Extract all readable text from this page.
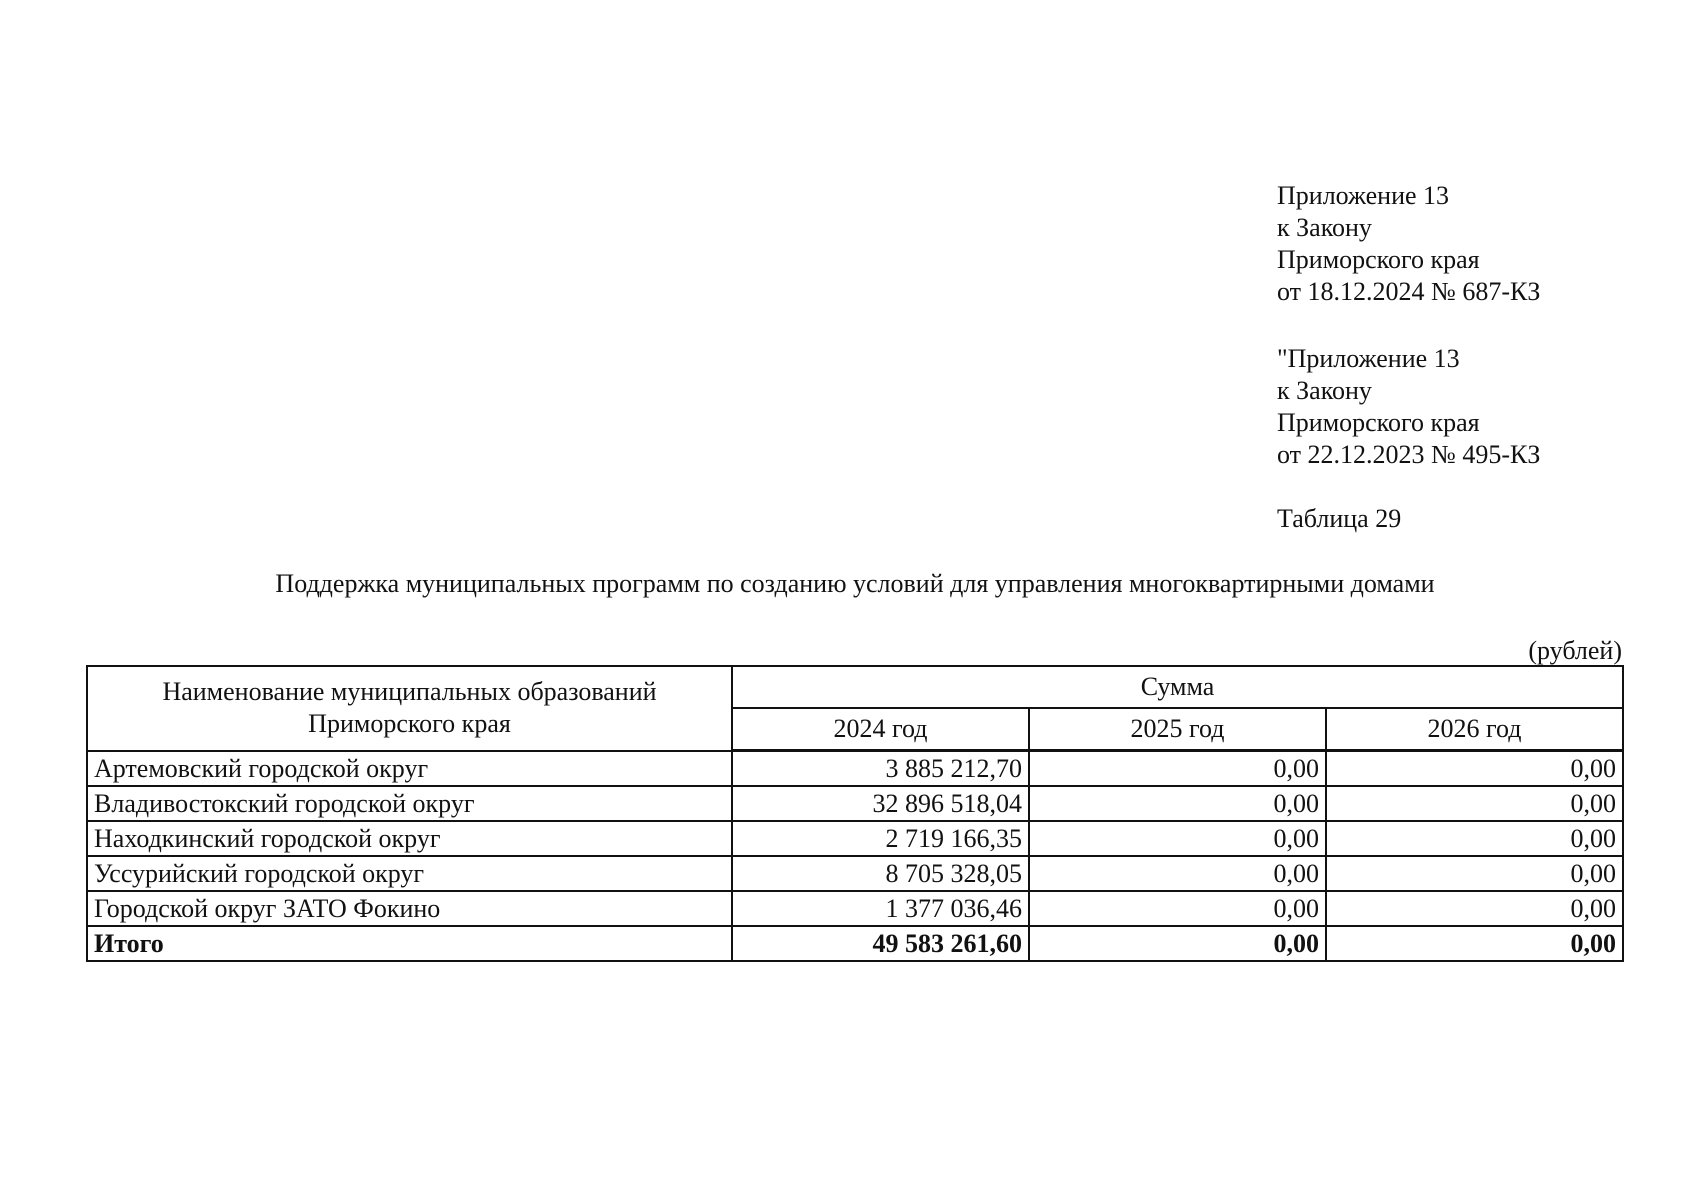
Приложение 13
к Закону
Приморского края
от 18.12.2024 № 687-КЗ
"Приложение 13
к Закону
Приморского края
от 22.12.2023 № 495-КЗ
Таблица 29
Поддержка муниципальных программ по созданию условий для управления многоквартирными домами
(рублей)
Наименование муниципальных образований Приморского края	Сумма		
	2024 год	2025 год	2026 год
Артемовский городской округ	3 885 212,70	0,00	0,00
Владивостокский городской округ	32 896 518,04	0,00	0,00
Находкинский городской округ	2 719 166,35	0,00	0,00
Уссурийский городской округ	8 705 328,05	0,00	0,00
Городской округ ЗАТО Фокино	1 377 036,46	0,00	0,00
Итого	49 583 261,60	0,00	0,00
